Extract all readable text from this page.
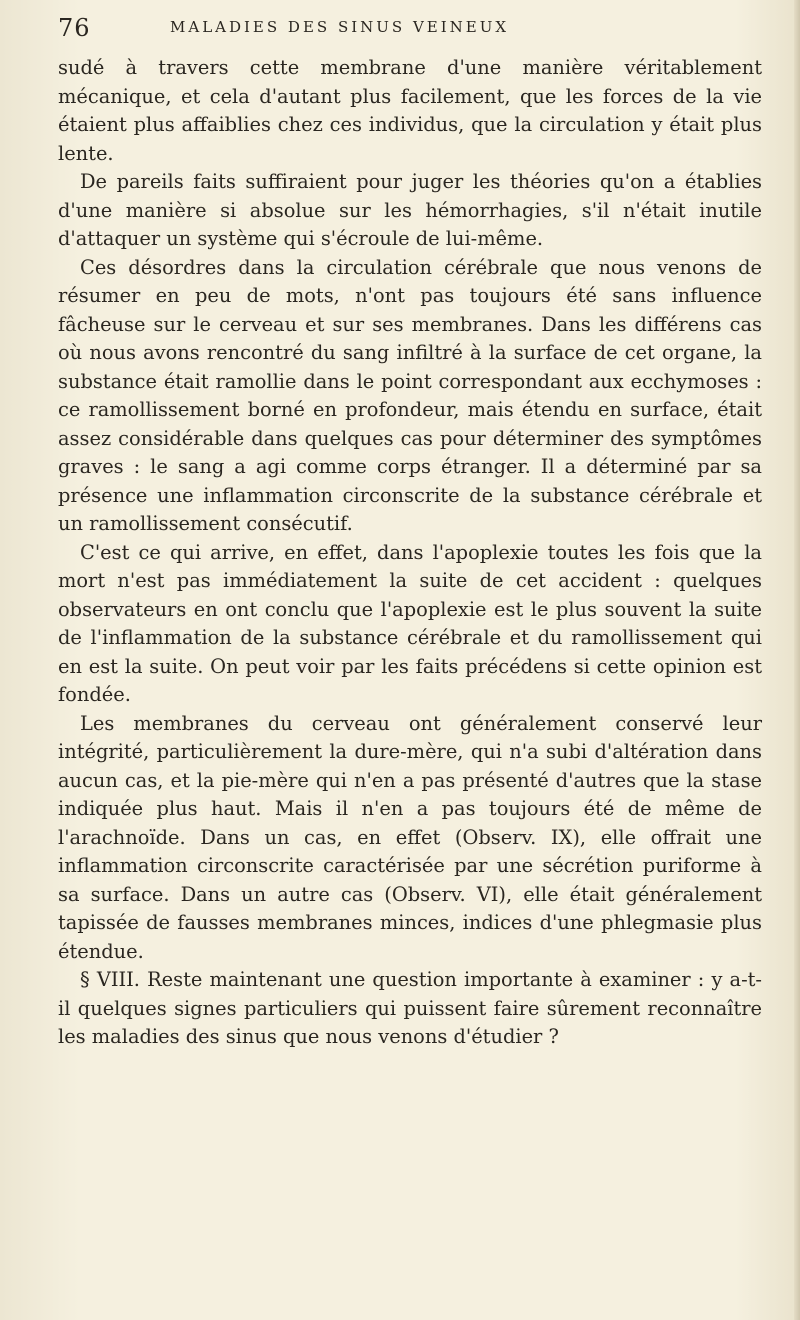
76	MALADIES DES SINUS VEINEUX

sudé à travers cette membrane d'une manière véritablement mécanique, et cela d'autant plus facilement, que les forces de la vie étaient plus affaiblies chez ces individus, que la circulation y était plus lente.

De pareils faits suffiraient pour juger les théories qu'on a établies d'une manière si absolue sur les hémorrhagies, s'il n'était inutile d'attaquer un système qui s'écroule de lui-même.

Ces désordres dans la circulation cérébrale que nous venons de résumer en peu de mots, n'ont pas toujours été sans influence fâcheuse sur le cerveau et sur ses membranes. Dans les différens cas où nous avons rencontré du sang infiltré à la surface de cet organe, la substance était ramollie dans le point correspondant aux ecchymoses : ce ramollissement borné en profondeur, mais étendu en surface, était assez considérable dans quelques cas pour déterminer des symptômes graves : le sang a agi comme corps étranger. Il a déterminé par sa présence une inflammation circonscrite de la substance cérébrale et un ramollissement consécutif.

C'est ce qui arrive, en effet, dans l'apoplexie toutes les fois que la mort n'est pas immédiatement la suite de cet accident : quelques observateurs en ont conclu que l'apoplexie est le plus souvent la suite de l'inflammation de la substance cérébrale et du ramollissement qui en est la suite. On peut voir par les faits précédens si cette opinion est fondée.

Les membranes du cerveau ont généralement conservé leur intégrité, particulièrement la dure-mère, qui n'a subi d'altération dans aucun cas, et la pie-mère qui n'en a pas présenté d'autres que la stase indiquée plus haut. Mais il n'en a pas toujours été de même de l'arachnoïde. Dans un cas, en effet (Observ. IX), elle offrait une inflammation circonscrite caractérisée par une sécrétion puriforme à sa surface. Dans un autre cas (Observ. VI), elle était généralement tapissée de fausses membranes minces, indices d'une phlegmasie plus étendue.

§ VIII. Reste maintenant une question importante à examiner : y a-t-il quelques signes particuliers qui puissent faire sûrement reconnaître les maladies des sinus que nous venons d'étudier ?
